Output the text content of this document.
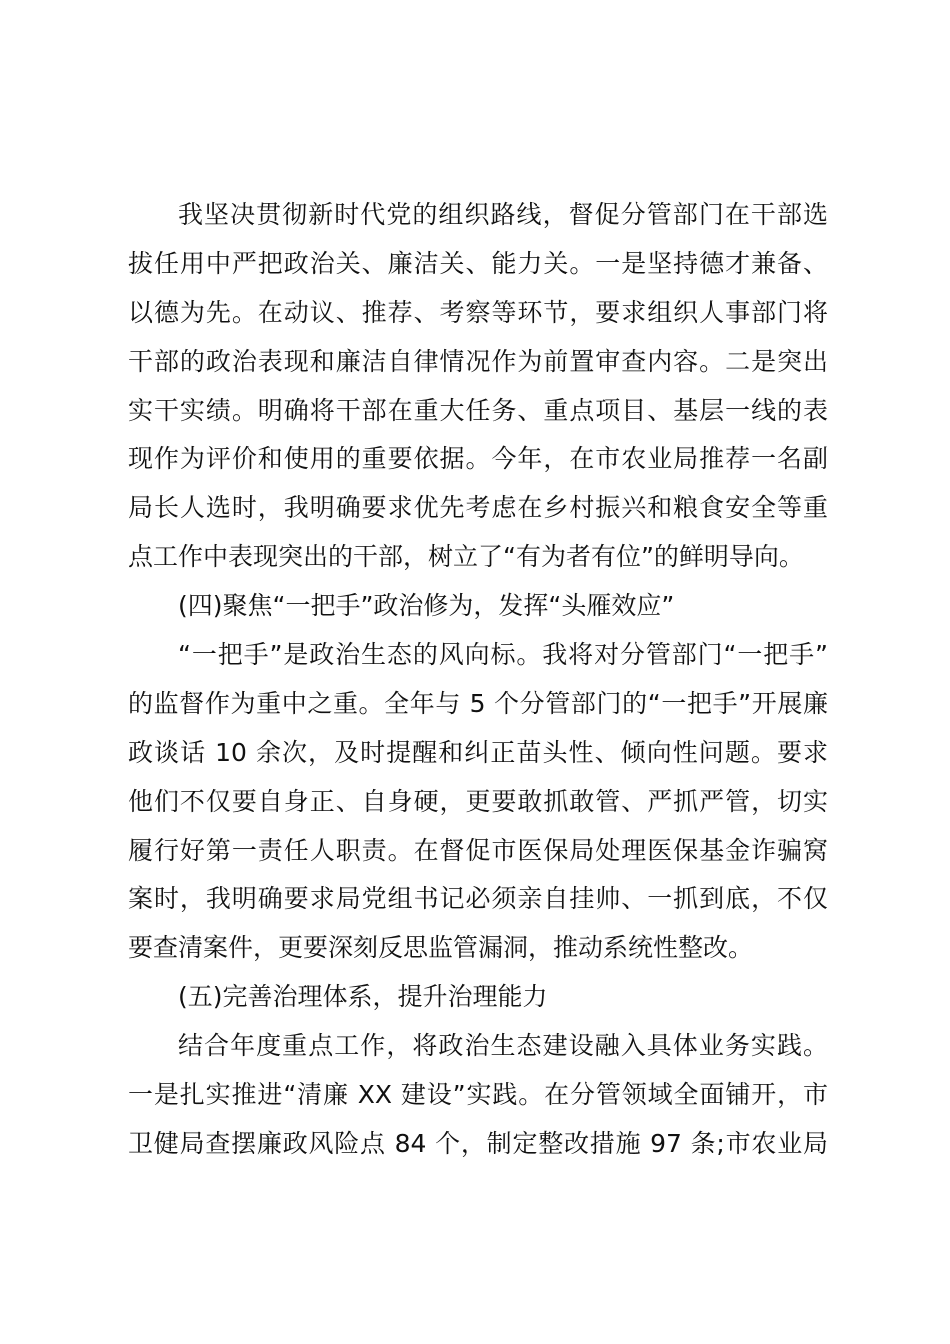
我坚决贯彻新时代党的组织路线，督促分管部门在干部选
拔任用中严把政治关、廉洁关、能力关。一是坚持德才兼备、
以德为先。在动议、推荐、考察等环节，要求组织人事部门将
干部的政治表现和廉洁自律情况作为前置审查内容。二是突出
实干实绩。明确将干部在重大任务、重点项目、基层一线的表
现作为评价和使用的重要依据。今年，在市农业局推荐一名副
局长人选时，我明确要求优先考虑在乡村振兴和粮食安全等重
点工作中表现突出的干部，树立了“有为者有位”的鲜明导向。
(四)聚焦“一把手”政治修为，发挥“头雁效应”
“一把手”是政治生态的风向标。我将对分管部门“一把手”
的监督作为重中之重。全年与 5 个分管部门的“一把手”开展廉
政谈话 10 余次，及时提醒和纠正苗头性、倾向性问题。要求
他们不仅要自身正、自身硬，更要敢抓敢管、严抓严管，切实
履行好第一责任人职责。在督促市医保局处理医保基金诈骗窝
案时，我明确要求局党组书记必须亲自挂帅、一抓到底，不仅
要查清案件，更要深刻反思监管漏洞，推动系统性整改。
(五)完善治理体系，提升治理能力
结合年度重点工作，将政治生态建设融入具体业务实践。
一是扎实推进“清廉 XX 建设”实践。在分管领域全面铺开，市
卫健局查摆廉政风险点 84 个，制定整改措施 97 条;市农业局
